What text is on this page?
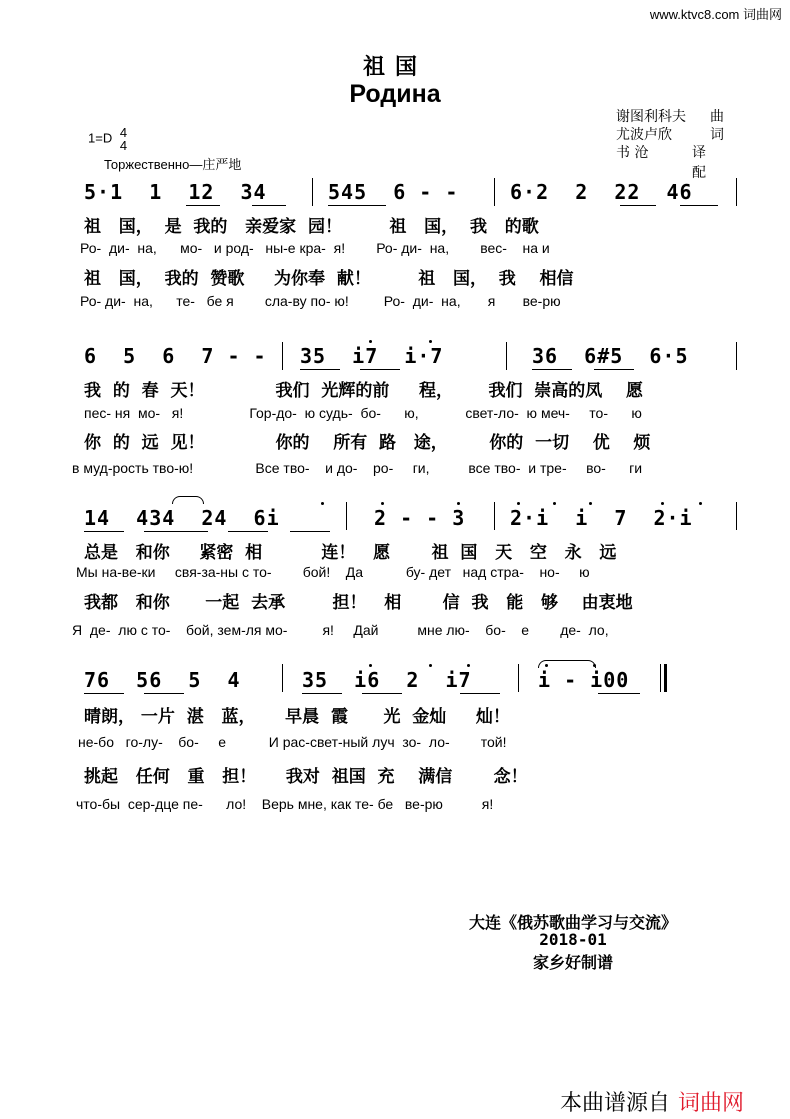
www.ktvc8.com 词曲网
祖国
Родина
谢图利科夫 曲
尤波卢欣	词
书 沧	译配
1=D 4
4
Торжественно—庄严地
5·1  1  12  34 545  6 - -	6·2  2  22  46
祖   国，  是  我的   亲爱家  园！        祖   国，  我   的歌
Ро-  ди-  на,      мо-   и род-   ны-е кра-  я!        Ро- ди-  на,        вес-    на и
祖   国，  我的  赞歌     为你奉  献！        祖   国，  我    相信
Ро- ди-  на,      те-   бе я        сла-ву по- ю!         Ро-  ди-  на,       я       ве-рю
6  5  6  7 - - 35  i7  i·7	36  6#5  6·5
我  的  春  天！            我们  光辉的前     程，      我们  崇高的凤    愿
пес- ня  мо-   я!                 Гор-до-  ю судь-  бо-      ю,            свет-ло-  ю меч-     то-      ю
你  的  远  见！            你的    所有  路   途，       你的  一切    优    烦
в муд-рость тво-ю!                Все тво-    и до-    ро-     ги,          все тво-  и тре-     во-      ги
14  434  24  6i	2 - - 3 2·i  i  7  2·i
总是   和你     紧密  相          连！   愿       祖  国   天   空   永   远
Мы на-ве-ки     свя-за-ны с то-        бой!    Да           бу- дет   над стра-    но-     ю
我都   和你      一起  去承        担！   相       信  我   能   够    由衷地
Я  де-  лю с то-    бой, зем-ля мо-         я!     Дай          мне лю-    бо-    е        де-  ло,
76  56  5  4 35  i6  2  i7	i - i00
晴朗， 一片  湛   蓝，     早晨  霞      光  金灿     灿！
не-бо   го-лу-    бо-     е           И рас-свет-ный луч  зо-  ло-        той!
挑起   任何   重   担！     我对  祖国  充    满信       念！
что-бы  сер-дце пе-      ло!    Верь мне, как те- бе   ве-рю          я!
大连《俄苏歌曲学习与交流》
2018-01
家乡好制谱
本曲谱源自 词曲网
